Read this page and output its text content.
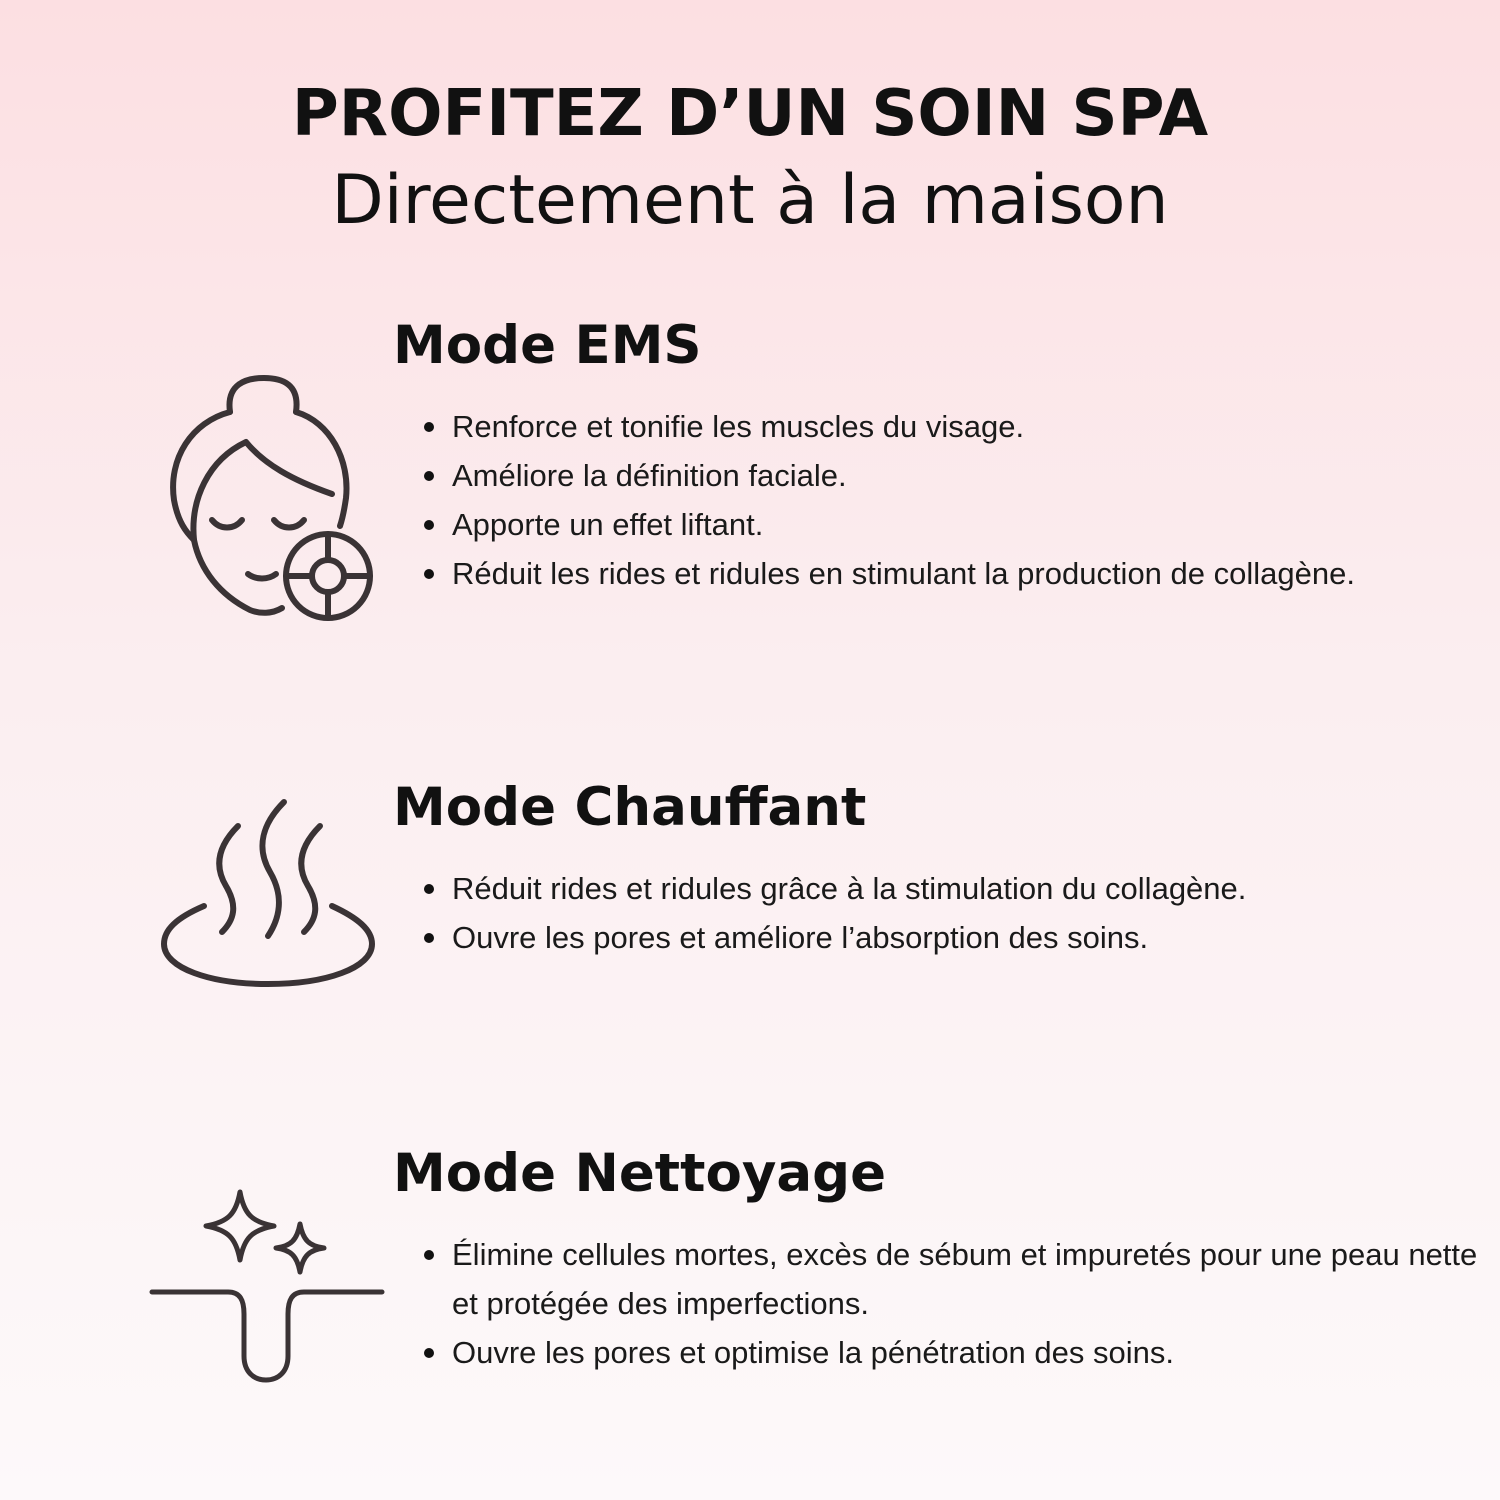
PROFITEZ D’UN SOIN SPA
Directement à la maison
Mode EMS
Renforce et tonifie les muscles du visage.
Améliore la définition faciale.
Apporte un effet liftant.
Réduit les rides et ridules en stimulant la production de collagène.
Mode Chauffant
Réduit rides et ridules grâce à la stimulation du collagène.
Ouvre les pores et améliore l’absorption des soins.
Mode Nettoyage
Élimine cellules mortes, excès de sébum et impuretés pour une peau nette et protégée des imperfections.
Ouvre les pores et optimise la pénétration des soins.
